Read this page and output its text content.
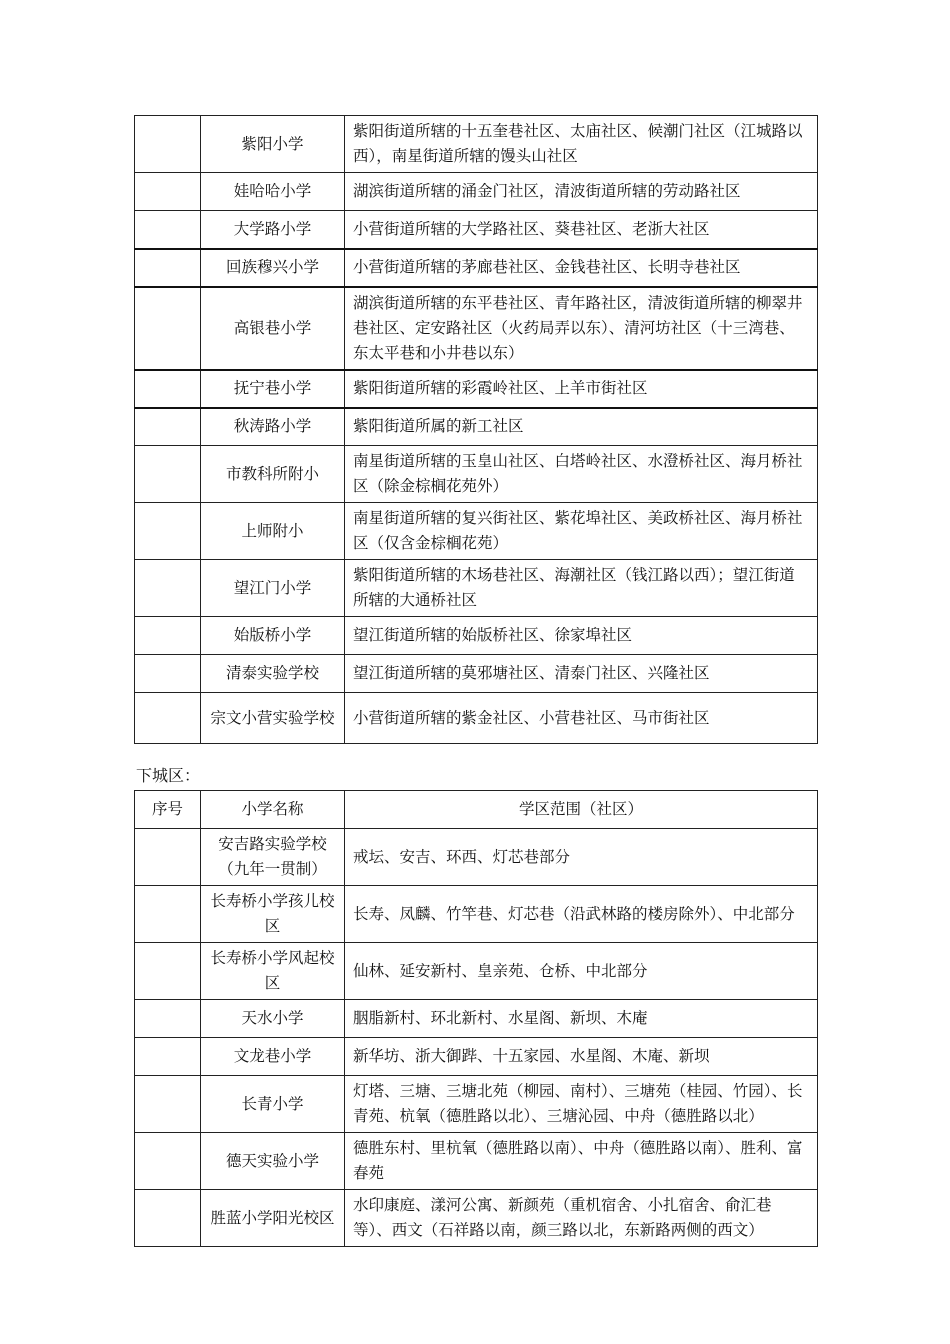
	紫阳小学	紫阳街道所辖的十五奎巷社区、太庙社区、候潮门社区（江城路以西），南星街道所辖的馒头山社区
	娃哈哈小学	湖滨街道所辖的涌金门社区，清波街道所辖的劳动路社区
	大学路小学	小营街道所辖的大学路社区、葵巷社区、老浙大社区
	回族穆兴小学	小营街道所辖的茅廊巷社区、金钱巷社区、长明寺巷社区
	高银巷小学	湖滨街道所辖的东平巷社区、青年路社区，清波街道所辖的柳翠井巷社区、定安路社区（火药局弄以东）、清河坊社区（十三湾巷、东太平巷和小井巷以东）
	抚宁巷小学	紫阳街道所辖的彩霞岭社区、上羊市街社区
	秋涛路小学	紫阳街道所属的新工社区
	市教科所附小	南星街道所辖的玉皇山社区、白塔岭社区、水澄桥社区、海月桥社区（除金棕榈花苑外）
	上师附小	南星街道所辖的复兴街社区、紫花埠社区、美政桥社区、海月桥社区（仅含金棕榈花苑）
	望江门小学	紫阳街道所辖的木场巷社区、海潮社区（钱江路以西）；望江街道所辖的大通桥社区
	始版桥小学	望江街道所辖的始版桥社区、徐家埠社区
	清泰实验学校	望江街道所辖的莫邪塘社区、清泰门社区、兴隆社区
	宗文小营实验学校	小营街道所辖的紫金社区、小营巷社区、马市街社区
下城区：
序号	小学名称	学区范围（社区）
	安吉路实验学校（九年一贯制）	戒坛、安吉、环西、灯芯巷部分
	长寿桥小学孩儿校区	长寿、凤麟、竹竿巷、灯芯巷（沿武林路的楼房除外）、中北部分
	长寿桥小学风起校区	仙林、延安新村、皇亲苑、仓桥、中北部分
	天水小学	胭脂新村、环北新村、水星阁、新坝、木庵
	文龙巷小学	新华坊、浙大御跸、十五家园、水星阁、木庵、新坝
	长青小学	灯塔、三塘、三塘北苑（柳园、南村）、三塘苑（桂园、竹园）、长青苑、杭氧（德胜路以北）、三塘沁园、中舟（德胜路以北）
	德天实验小学	德胜东村、里杭氧（德胜路以南）、中舟（德胜路以南）、胜利、富春苑
	胜蓝小学阳光校区	水印康庭、漾河公寓、新颜苑（重机宿舍、小扎宿舍、俞汇巷等）、西文（石祥路以南，颜三路以北，东新路两侧的西文）
